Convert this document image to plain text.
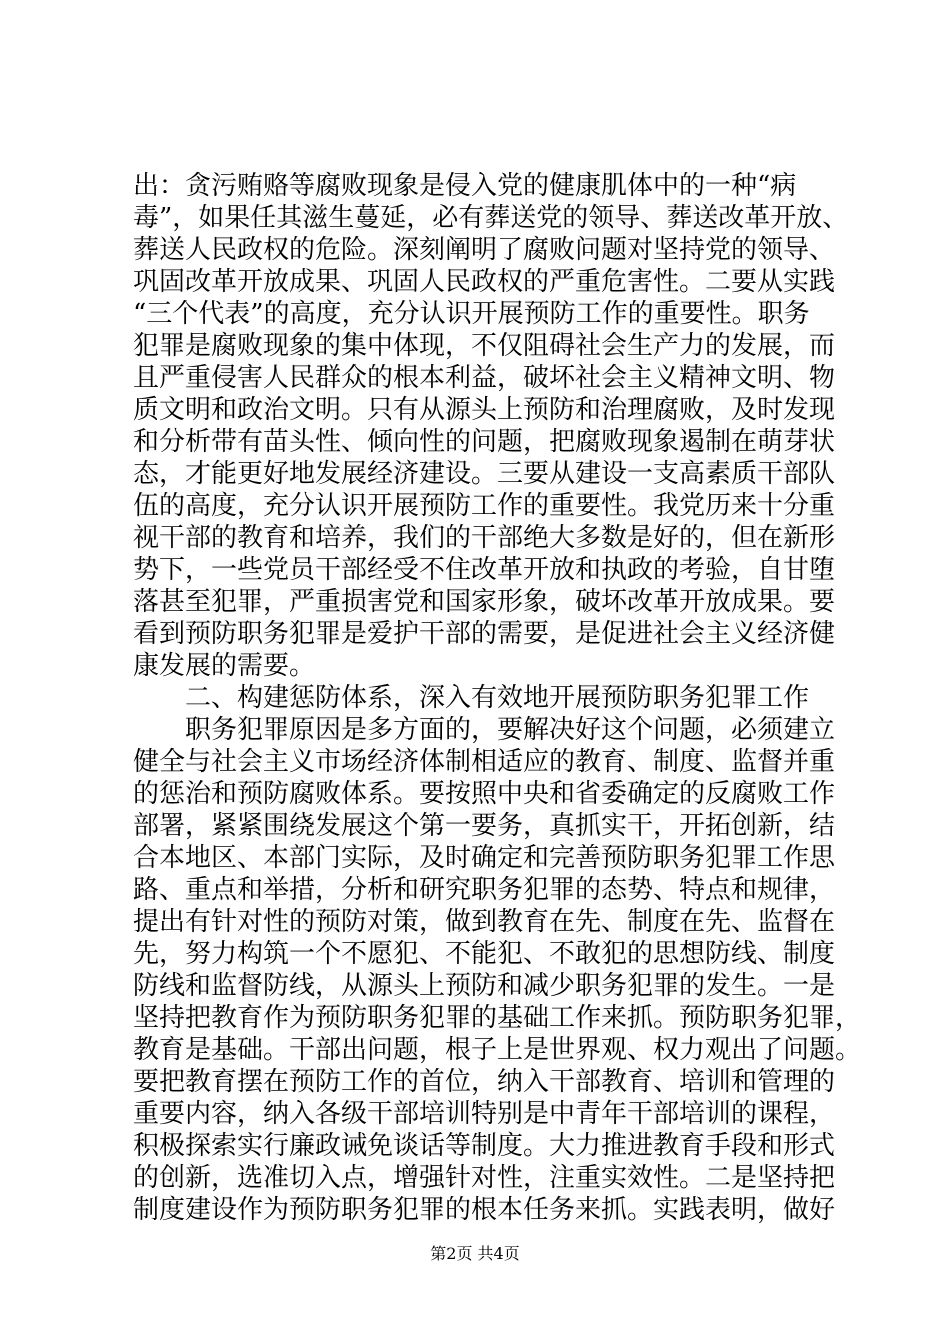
出：贪污贿赂等腐败现象是侵入党的健康肌体中的一种“病
毒”，如果任其滋生蔓延，必有葬送党的领导、葬送改革开放、
葬送人民政权的危险。深刻阐明了腐败问题对坚持党的领导、
巩固改革开放成果、巩固人民政权的严重危害性。二要从实践
“三个代表”的高度，充分认识开展预防工作的重要性。职务
犯罪是腐败现象的集中体现，不仅阻碍社会生产力的发展，而
且严重侵害人民群众的根本利益，破坏社会主义精神文明、物
质文明和政治文明。只有从源头上预防和治理腐败，及时发现
和分析带有苗头性、倾向性的问题，把腐败现象遏制在萌芽状
态，才能更好地发展经济建设。三要从建设一支高素质干部队
伍的高度，充分认识开展预防工作的重要性。我党历来十分重
视干部的教育和培养，我们的干部绝大多数是好的，但在新形
势下，一些党员干部经受不住改革开放和执政的考验，自甘堕
落甚至犯罪，严重损害党和国家形象，破坏改革开放成果。要
看到预防职务犯罪是爱护干部的需要，是促进社会主义经济健
康发展的需要。
　　二、构建惩防体系，深入有效地开展预防职务犯罪工作
　　职务犯罪原因是多方面的，要解决好这个问题，必须建立
健全与社会主义市场经济体制相适应的教育、制度、监督并重
的惩治和预防腐败体系。要按照中央和省委确定的反腐败工作
部署，紧紧围绕发展这个第一要务，真抓实干，开拓创新，结
合本地区、本部门实际，及时确定和完善预防职务犯罪工作思
路、重点和举措，分析和研究职务犯罪的态势、特点和规律，
提出有针对性的预防对策，做到教育在先、制度在先、监督在
先，努力构筑一个不愿犯、不能犯、不敢犯的思想防线、制度
防线和监督防线，从源头上预防和减少职务犯罪的发生。一是
坚持把教育作为预防职务犯罪的基础工作来抓。预防职务犯罪，
教育是基础。干部出问题，根子上是世界观、权力观出了问题。
要把教育摆在预防工作的首位，纳入干部教育、培训和管理的
重要内容，纳入各级干部培训特别是中青年干部培训的课程，
积极探索实行廉政诫免谈话等制度。大力推进教育手段和形式
的创新，选准切入点，增强针对性，注重实效性。二是坚持把
制度建设作为预防职务犯罪的根本任务来抓。实践表明，做好
第2页 共4页
